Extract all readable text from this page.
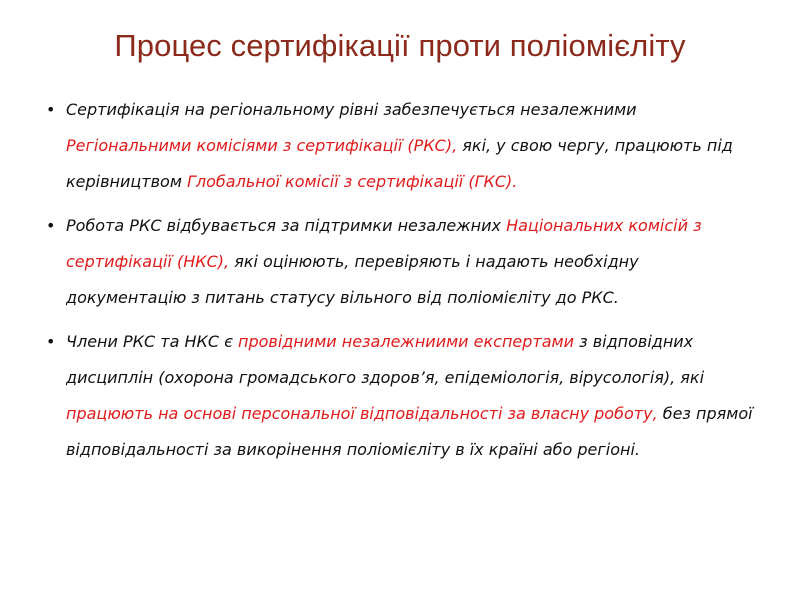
Процес сертифікації проти поліомієліту
• Сертифікація на регіональному рівні забезпечується незалежними Регіональними комісіями з сертифікації (РКС), які, у свою чергу, працюють під керівництвом Глобальної комісії з сертифікації (ГКС).
• Робота РКС відбувається за підтримки незалежних Національних комісій з сертифікації (НКС), які оцінюють, перевіряють і надають необхідну документацію з питань статусу вільного від поліомієліту до РКС.
• Члени РКС та НКС є провідними незалежниими експертами з відповідних дисциплін (охорона громадського здоров’я, епідеміологія, вірусологія), які працюють на основі персональної відповідальності за власну роботу, без прямої відповідальності за викорінення поліомієліту в їх країні або регіоні.
